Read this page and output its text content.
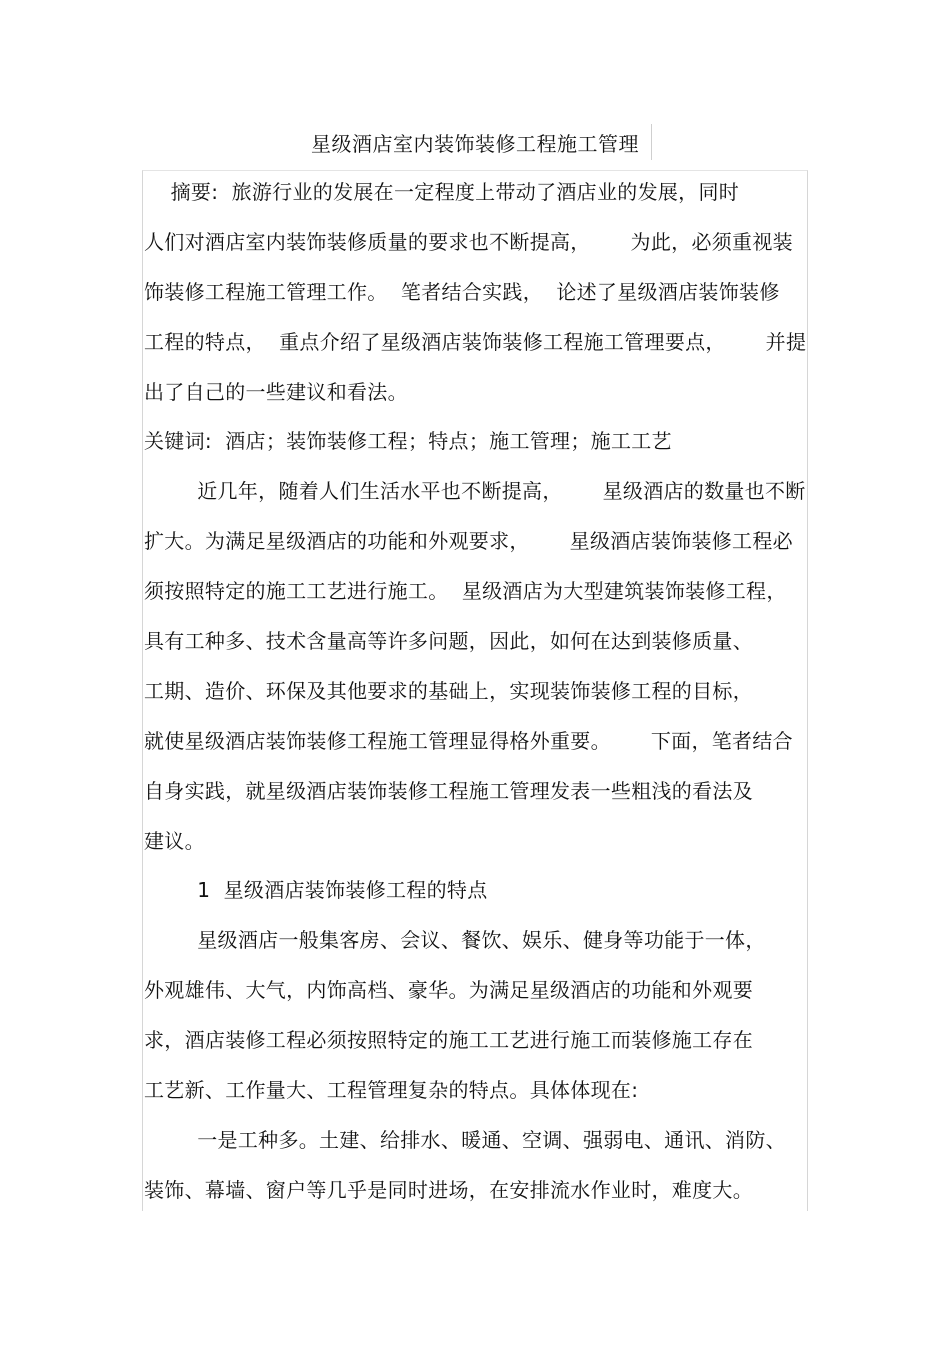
星级酒店室内装饰装修工程施工管理
摘要:  旅游行业的发展在一定程度上带动了酒店业的发展，同时
人们对酒店室内装饰装修质量的要求也不断提高，      为此，必须重视装
饰装修工程施工管理工作。  笔者结合实践，  论述了星级酒店装饰装修
工程的特点，  重点介绍了星级酒店装饰装修工程施工管理要点，      并提
出了自己的一些建议和看法。
关键词:  酒店；装饰装修工程；特点；施工管理；施工工艺
近几年，随着人们生活水平也不断提高，      星级酒店的数量也不断
扩大。为满足星级酒店的功能和外观要求，      星级酒店装饰装修工程必
须按照特定的施工工艺进行施工。  星级酒店为大型建筑装饰装修工程，
具有工种多、技术含量高等许多问题，因此，如何在达到装修质量、
工期、造价、环保及其他要求的基础上，实现装饰装修工程的目标，
就使星级酒店装饰装修工程施工管理显得格外重要。      下面，笔者结合
自身实践，就星级酒店装饰装修工程施工管理发表一些粗浅的看法及
建议。
1  星级酒店装饰装修工程的特点
星级酒店一般集客房、会议、餐饮、娱乐、健身等功能于一体，
外观雄伟、大气，内饰高档、豪华。为满足星级酒店的功能和外观要
求，酒店装修工程必须按照特定的施工工艺进行施工而装修施工存在
工艺新、工作量大、工程管理复杂的特点。具体体现在:
一是工种多。土建、给排水、暖通、空调、强弱电、通讯、消防、
装饰、幕墙、窗户等几乎是同时进场，在安排流水作业时，难度大。
